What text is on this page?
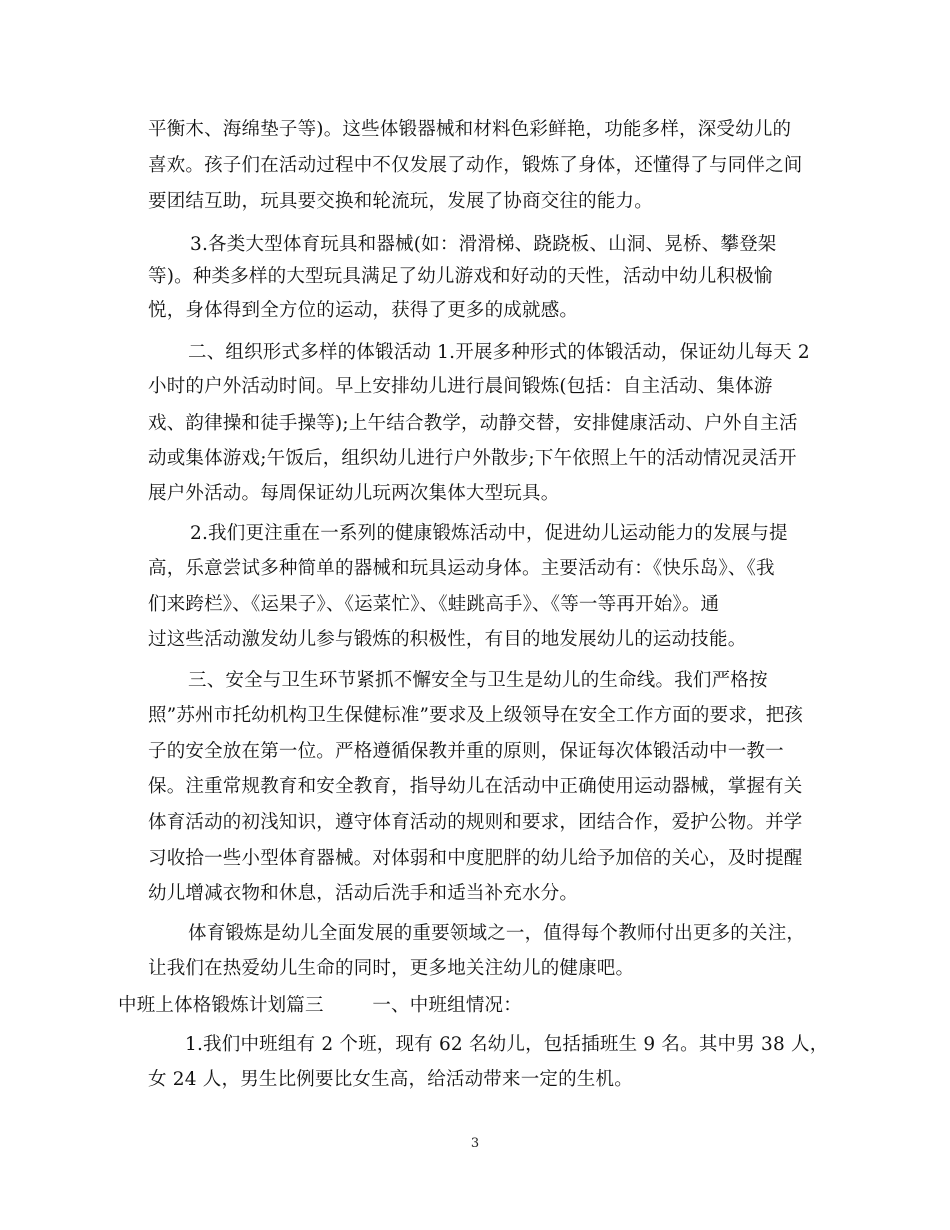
平衡木、海绵垫子等)。这些体锻器械和材料色彩鲜艳，功能多样，深受幼儿的
喜欢。孩子们在活动过程中不仅发展了动作，锻炼了身体，还懂得了与同伴之间
要团结互助，玩具要交换和轮流玩，发展了协商交往的能力。
3.各类大型体育玩具和器械(如：滑滑梯、跷跷板、山洞、晃桥、攀登架
等)。种类多样的大型玩具满足了幼儿游戏和好动的天性，活动中幼儿积极愉
悦，身体得到全方位的运动，获得了更多的成就感。
二、组织形式多样的体锻活动 1.开展多种形式的体锻活动，保证幼儿每天 2
小时的户外活动时间。早上安排幼儿进行晨间锻炼(包括：自主活动、集体游
戏、韵律操和徒手操等);上午结合教学，动静交替，安排健康活动、户外自主活
动或集体游戏;午饭后，组织幼儿进行户外散步;下午依照上午的活动情况灵活开
展户外活动。每周保证幼儿玩两次集体大型玩具。
2.我们更注重在一系列的健康锻炼活动中，促进幼儿运动能力的发展与提
高，乐意尝试多种简单的器械和玩具运动身体。主要活动有：《快乐岛》、《我
们来跨栏》、《运果子》、《运菜忙》、《蛙跳高手》、《等一等再开始》。通
过这些活动激发幼儿参与锻炼的积极性，有目的地发展幼儿的运动技能。
三、安全与卫生环节紧抓不懈安全与卫生是幼儿的生命线。我们严格按
照”苏州市托幼机构卫生保健标准”要求及上级领导在安全工作方面的要求，把孩
子的安全放在第一位。严格遵循保教并重的原则，保证每次体锻活动中一教一
保。注重常规教育和安全教育，指导幼儿在活动中正确使用运动器械，掌握有关
体育活动的初浅知识，遵守体育活动的规则和要求，团结合作，爱护公物。并学
习收拾一些小型体育器械。对体弱和中度肥胖的幼儿给予加倍的关心，及时提醒
幼儿增减衣物和休息，活动后洗手和适当补充水分。
体育锻炼是幼儿全面发展的重要领域之一，值得每个教师付出更多的关注，
让我们在热爱幼儿生命的同时，更多地关注幼儿的健康吧。
中班上体格锻炼计划篇三        一、中班组情况：
1.我们中班组有 2 个班，现有 62 名幼儿，包括插班生 9 名。其中男 38 人，
女 24 人，男生比例要比女生高，给活动带来一定的生机。
3
